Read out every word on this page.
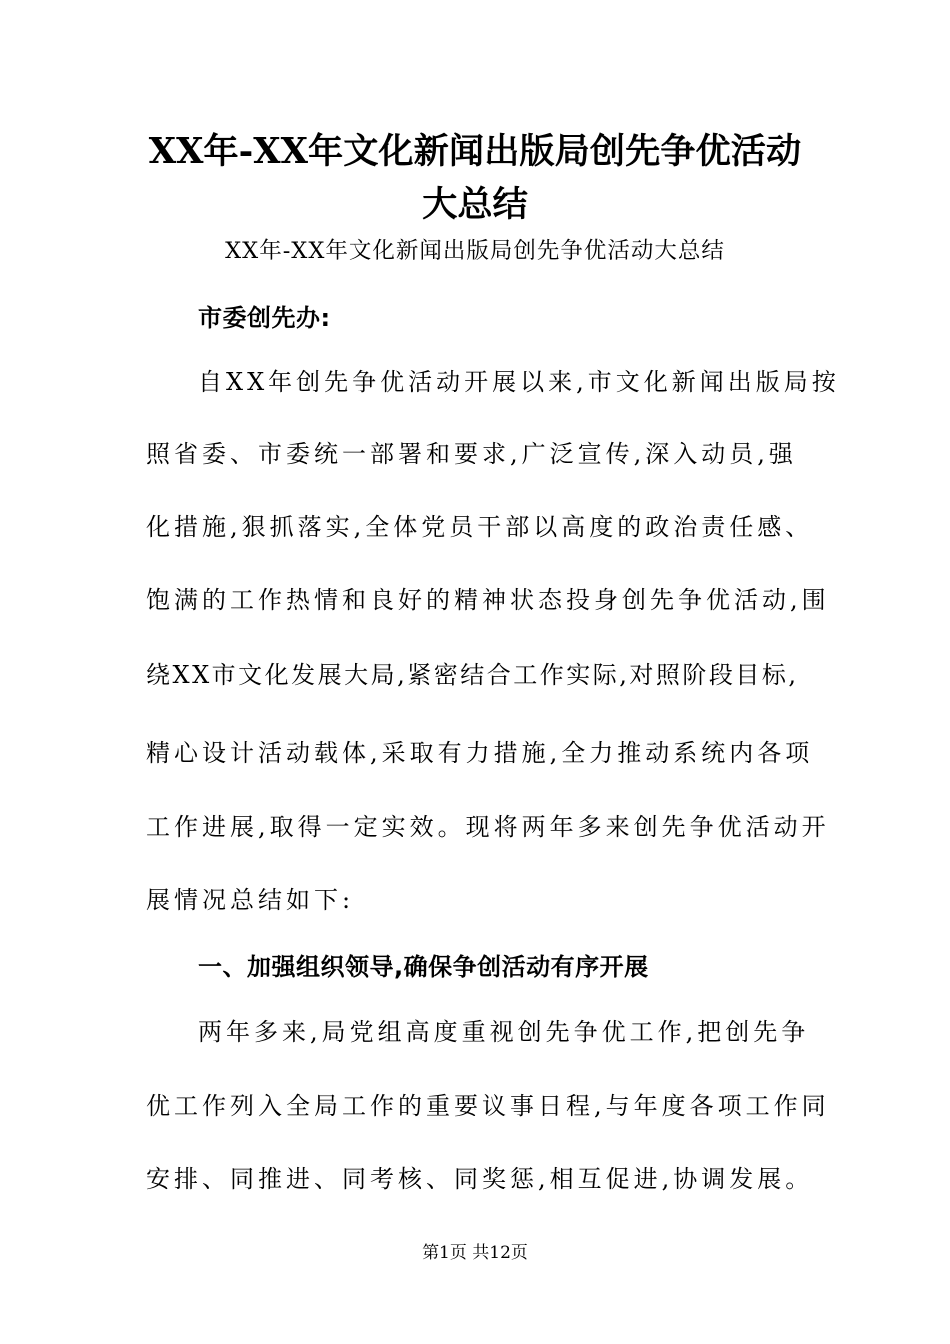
XX年-XX年文化新闻出版局创先争优活动
大总结
XX年-XX年文化新闻出版局创先争优活动大总结
市委创先办:
自XX年创先争优活动开展以来,市文化新闻出版局按
照省委、市委统一部署和要求,广泛宣传,深入动员,强
化措施,狠抓落实,全体党员干部以高度的政治责任感、
饱满的工作热情和良好的精神状态投身创先争优活动,围
绕XX市文化发展大局,紧密结合工作实际,对照阶段目标,
精心设计活动载体,采取有力措施,全力推动系统内各项
工作进展,取得一定实效。现将两年多来创先争优活动开
展情况总结如下:
一、加强组织领导,确保争创活动有序开展
两年多来,局党组高度重视创先争优工作,把创先争
优工作列入全局工作的重要议事日程,与年度各项工作同
安排、同推进、同考核、同奖惩,相互促进,协调发展。
第1页 共12页
